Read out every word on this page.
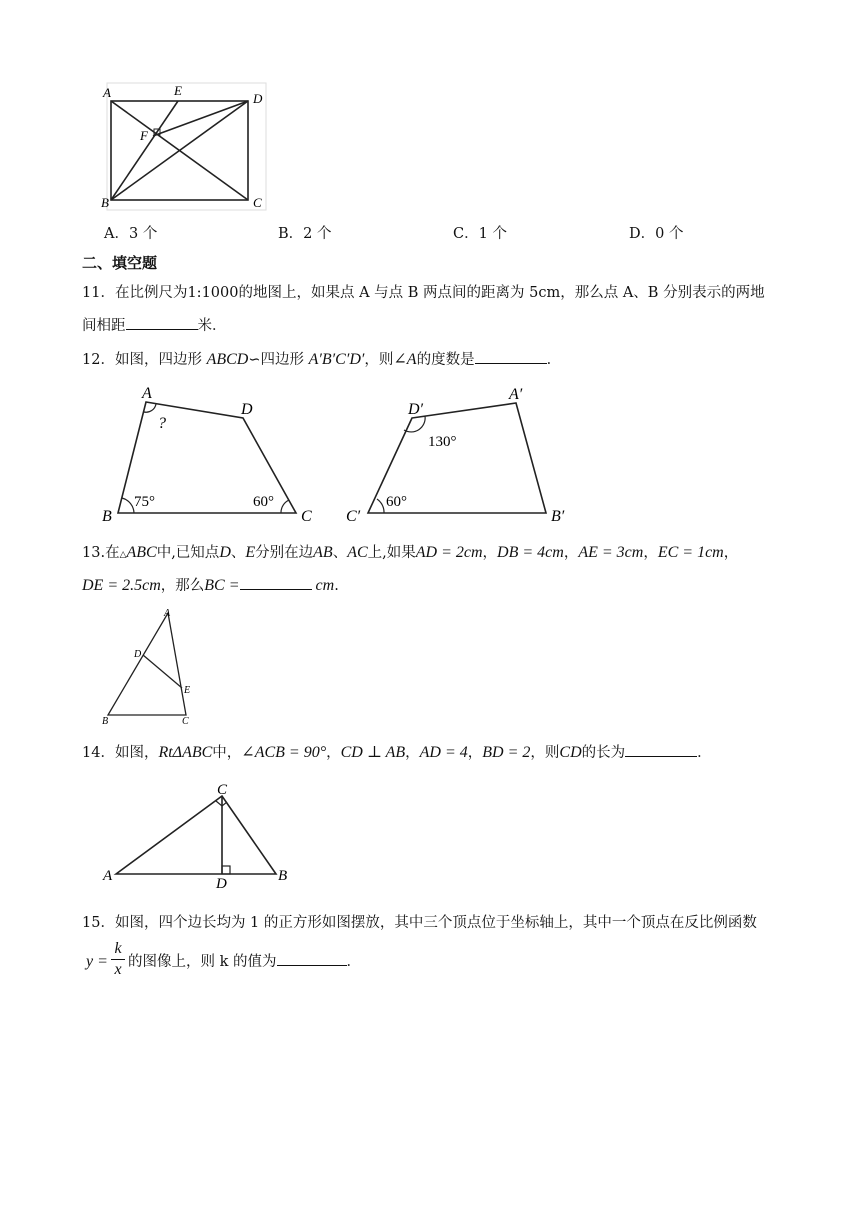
A	E
D
F
B	C
A．3 个	B．2 个	C．1 个	D．0 个
二、填空题
11．在比例尺为1:1000的地图上，如果点 A 与点 B 两点间的距离为 5cm，那么点 A、B 分别表示的两地
间相距	米．
12．如图，四边形 ABCD∽四边形 A′B′C′D′，则∠A的度数是	．
A
?
D
B
75°	60°
C
D′
130°
A′
C′
60°
B′
13.在△ABC中,已知点D、E分别在边AB、AC上,如果AD = 2cm，DB = 4cm，AE = 3cm，EC = 1cm，
DE = 2.5cm，那么BC =	cm.
A
D
E
B	C
14．如图，RtΔABC中，∠ACB = 90°，CD ⊥ AB，AD = 4，BD = 2，则CD的长为	．
C
A	D	B
15．如图，四个边长均为 1 的正方形如图摆放，其中三个顶点位于坐标轴上，其中一个顶点在反比例函数
y =
k
x 的图像上，则 k 的值为	．
